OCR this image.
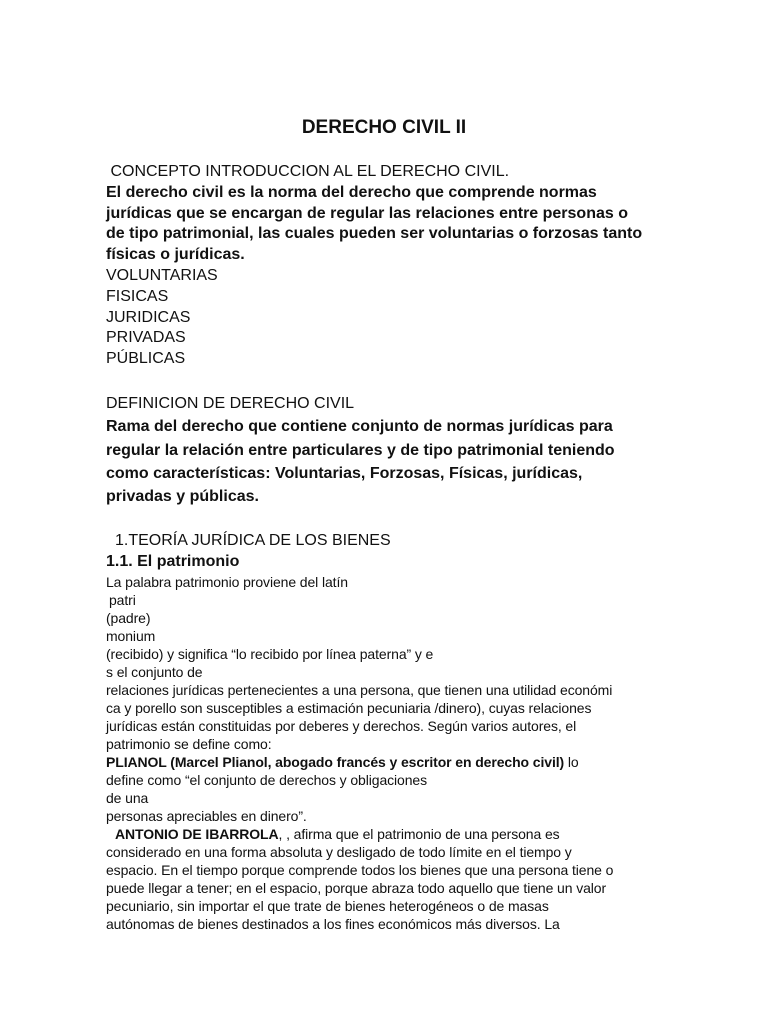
DERECHO CIVIL II
CONCEPTO INTRODUCCION AL EL DERECHO CIVIL.
El derecho civil es la norma del derecho que comprende normas
jurídicas que se encargan de regular las relaciones entre personas o
de tipo patrimonial, las cuales pueden ser voluntarias o forzosas tanto
físicas o jurídicas.
VOLUNTARIAS
FISICAS
JURIDICAS
PRIVADAS
PÚBLICAS
DEFINICION DE DERECHO CIVIL
Rama del derecho que contiene conjunto de normas jurídicas para
regular la relación entre particulares y de tipo patrimonial teniendo
como características: Voluntarias, Forzosas, Físicas, jurídicas,
privadas y públicas.
1.TEORÍA JURÍDICA DE LOS BIENES
1.1. El patrimonio
La palabra patrimonio proviene del latín
patri
(padre)
monium
(recibido) y significa “lo recibido por línea paterna” y e
s el conjunto de
relaciones jurídicas pertenecientes a una persona, que tienen una utilidad económi
ca y porello son susceptibles a estimación pecuniaria /dinero), cuyas relaciones
jurídicas están constituidas por deberes y derechos. Según varios autores, el
patrimonio se define como:
PLIANOL (Marcel Plianol, abogado francés y escritor en derecho civil) lo
define como “el conjunto de derechos y obligaciones
de una
personas apreciables en dinero”.
ANTONIO DE IBARROLA, , afirma que el patrimonio de una persona es
considerado en una forma absoluta y desligado de todo límite en el tiempo y
espacio. En el tiempo porque comprende todos los bienes que una persona tiene o
puede llegar a tener; en el espacio, porque abraza todo aquello que tiene un valor
pecuniario, sin importar el que trate de bienes heterogéneos o de masas
autónomas de bienes destinados a los fines económicos más diversos. La
